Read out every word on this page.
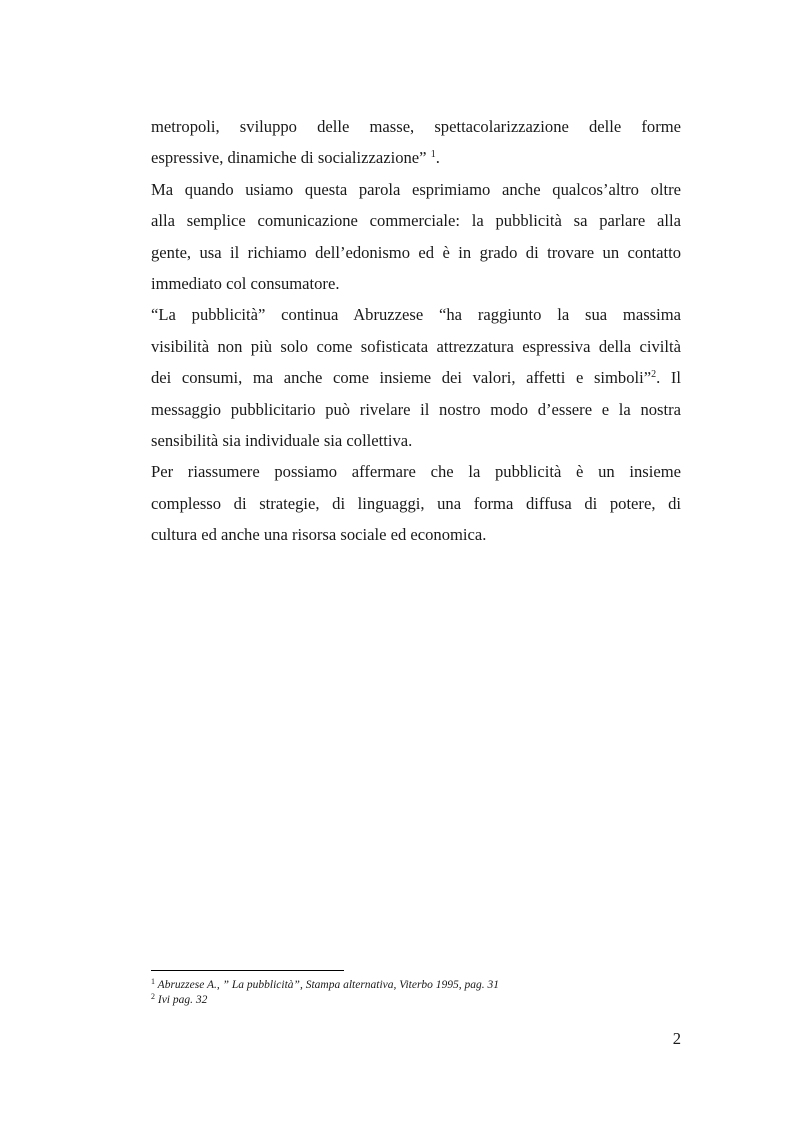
metropoli, sviluppo delle masse, spettacolarizzazione delle forme
espressive, dinamiche di socializzazione” $^1$.
Ma quando usiamo questa parola esprimiamo anche qualcos’altro oltre
alla semplice comunicazione commerciale: la pubblicità sa parlare alla
gente, usa il richiamo dell’edonismo ed è in grado di trovare un contatto
immediato col consumatore.
“La pubblicità” continua Abruzzese “ha raggiunto la sua massima
visibilità non più solo come sofisticata attrezzatura espressiva della civiltà
dei consumi, ma anche come insieme dei valori, affetti e simboli”$^2$. Il
messaggio pubblicitario può rivelare il nostro modo d’essere e la nostra
sensibilità sia individuale sia collettiva.
Per riassumere possiamo affermare che la pubblicità è un insieme
complesso di strategie, di linguaggi, una forma diffusa di potere, di
cultura ed anche una risorsa sociale ed economica.
$^1$ Abruzzese A., ” La pubblicità”, Stampa alternativa, Viterbo 1995, pag. 31
$^2$ Ivi pag. 32
2
